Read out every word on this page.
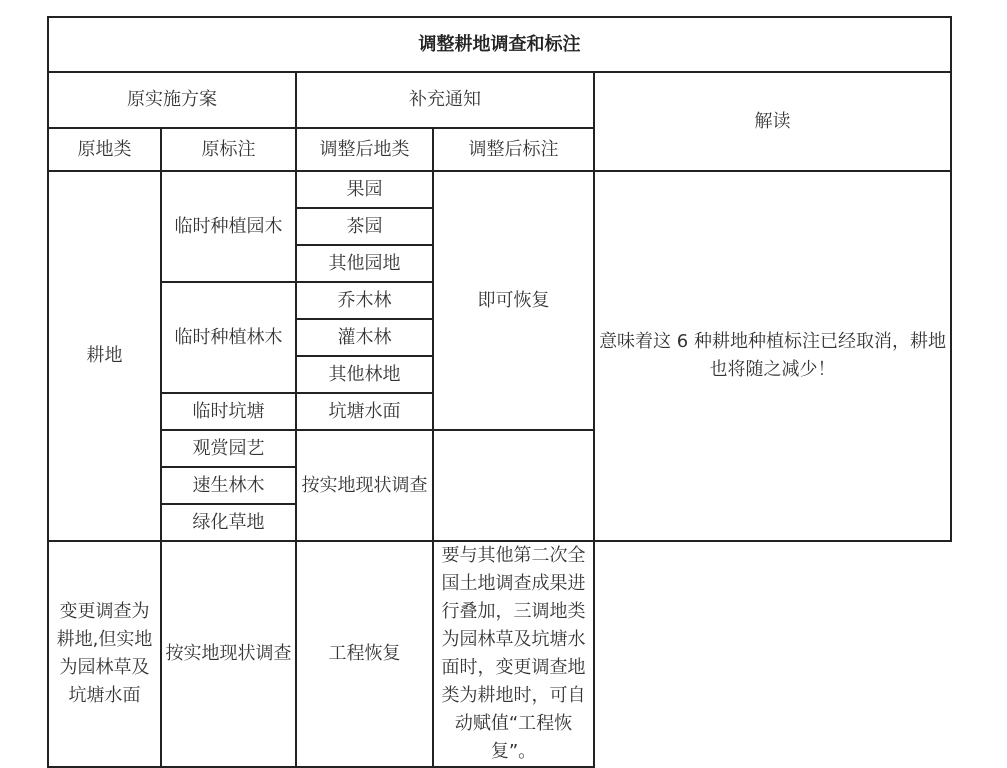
调整耕地调查和标注				
原实施方案		补充通知		解读
原地类	原标注	调整后地类	调整后标注	
耕地	临时种植园木	果园	即可恢复	意味着这 6 种耕地种植标注已经取消，耕地也将随之减少！
		茶园		
		其他园地		
	临时种植林木	乔木林		
		灌木林		
		其他林地		
	临时坑塘	坑塘水面		
	观赏园艺	按实地现状调查		
	速生林木			
	绿化草地			
变更调查为耕地,但实地为园林草及坑塘水面	按实地现状调查	工程恢复	要与其他第二次全国土地调查成果进行叠加，三调地类为园林草及坑塘水面时，变更调查地类为耕地时，可自动赋值“工程恢复”。	
